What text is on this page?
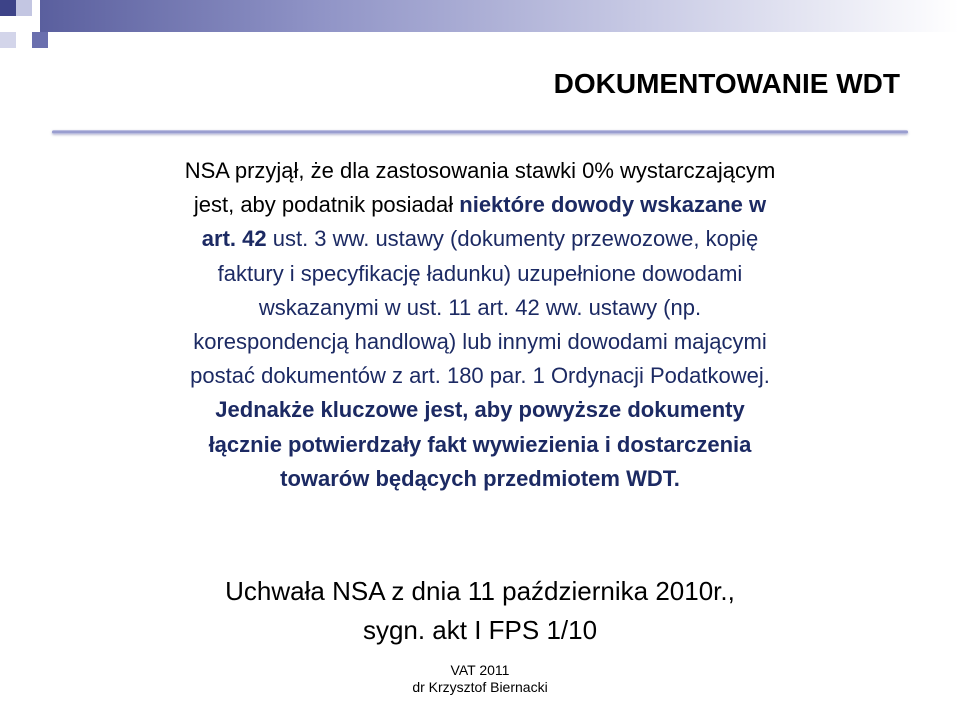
DOKUMENTOWANIE WDT
NSA przyjął, że dla zastosowania stawki 0% wystarczającym
jest, aby podatnik posiadał niektóre dowody wskazane w
art. 42 ust. 3 ww. ustawy (dokumenty przewozowe, kopię
faktury i specyfikację ładunku) uzupełnione dowodami
wskazanymi w ust. 11 art. 42 ww. ustawy (np.
korespondencją handlową) lub innymi dowodami mającymi
postać dokumentów z art. 180 par. 1 Ordynacji Podatkowej.
Jednakże kluczowe jest, aby powyższe dokumenty
łącznie potwierdzały fakt wywiezienia i dostarczenia
towarów będących przedmiotem WDT.
Uchwała NSA z dnia 11 października 2010r.,
sygn. akt I FPS 1/10
VAT 2011
dr Krzysztof Biernacki
